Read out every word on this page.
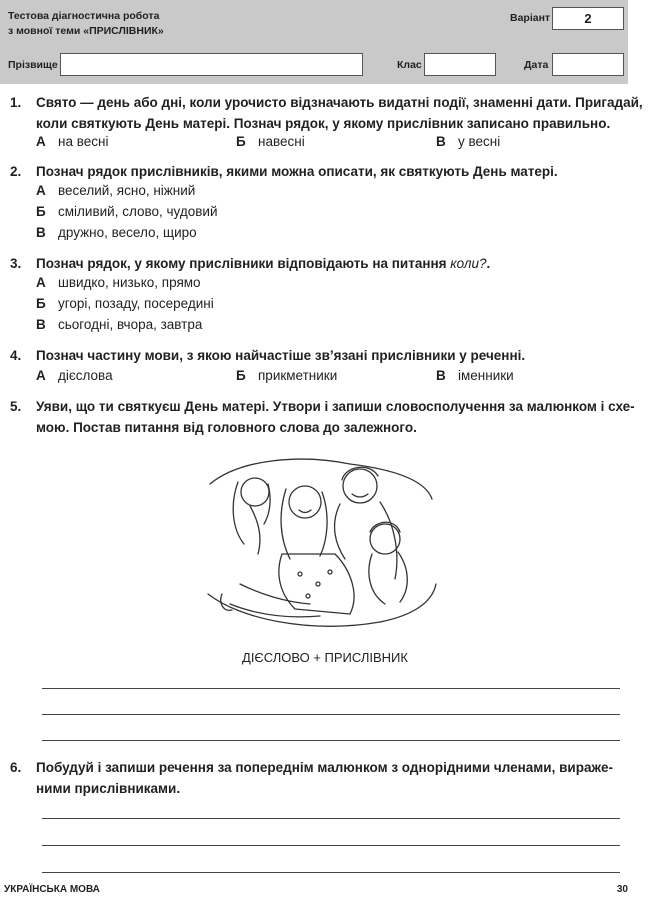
Тестова діагностична робота
з мовної теми «ПРИСЛІВНИК»
Варіант	2
Прізвище	Клас	Дата
1. Свято — день або дні, коли урочисто відзначають видатні події, знаменні дати. Пригадай,
коли святкують День матері. Познач рядок, у якому прислівник записано правильно.
А на весні	Б навесні	В у весні
2. Познач рядок прислівників, якими можна описати, як святкують День матері.
А веселий, ясно, ніжний
Б сміливий, слово, чудовий
В дружно, весело, щиро
3. Познач рядок, у якому прислівники відповідають на питання коли?.
А швидко, низько, прямо
Б угорі, позаду, посередині
В сьогодні, вчора, завтра
4. Познач частину мови, з якою найчастіше зв’язані прислівники у реченні.
А дієслова	Б прикметники	В іменники
5. Уяви, що ти святкуєш День матері. Утвори і запиши словосполучення за малюнком і схе-
мою. Постав питання від головного слова до залежного.
ДІЄСЛОВО + ПРИСЛІВНИК
6. Побудуй і запиши речення за попереднім малюнком з однорідними членами, виражe-
ними прислівниками.
УКРАЇНСЬКА МОВА	30
